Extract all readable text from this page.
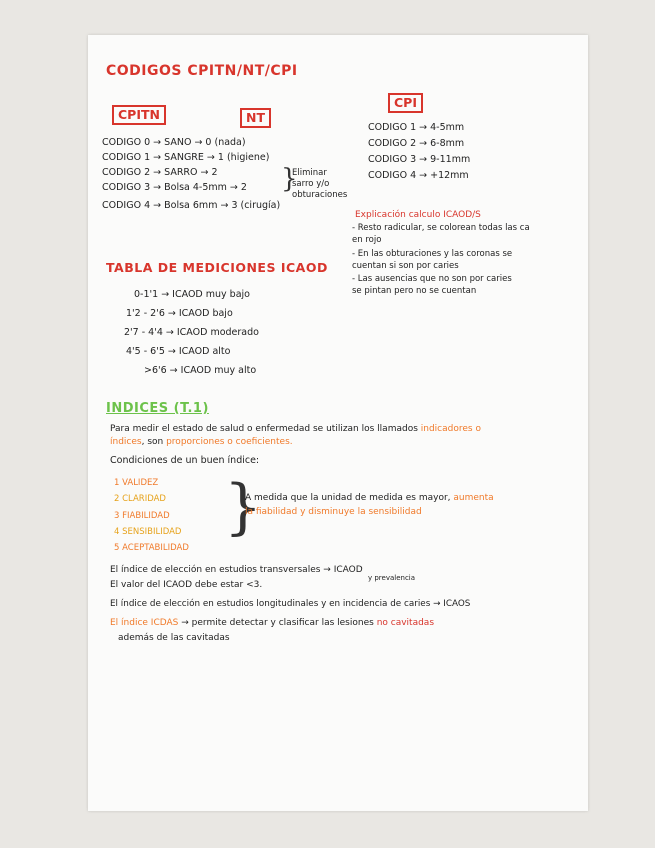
CODIGOS CPITN/NT/CPI
CPITN	NT
CPI
CODIGO 0 → SANO → 0 (nada)
CODIGO 1 → SANGRE → 1 (higiene)
CODIGO 2 → SARRO → 2
CODIGO 3 → Bolsa 4-5mm → 2
CODIGO 4 → Bolsa 6mm → 3 (cirugía)
}
Eliminar
sarro y/o
obturaciones
CODIGO 1 → 4-5mm
CODIGO 2 → 6-8mm
CODIGO 3 → 9-11mm
CODIGO 4 → +12mm
Explicación calculo ICAOD/S
- Resto radicular, se colorean todas las ca
en rojo
- En las obturaciones y las coronas se
cuentan si son por caries
- Las ausencias que no son por caries
se pintan pero no se cuentan
TABLA DE MEDICIONES ICAOD
0-1'1 → ICAOD muy bajo
1'2 - 2'6 → ICAOD bajo
2'7 - 4'4 → ICAOD moderado
4'5 - 6'5 → ICAOD alto
>6'6 → ICAOD muy alto
INDICES (T.1)
Para medir el estado de salud o enfermedad se utilizan los llamados indicadores o
índices, son proporciones o coeficientes.
Condiciones de un buen índice:
1 VALIDEZ
2 CLARIDAD
3 FIABILIDAD
4 SENSIBILIDAD
5 ACEPTABILIDAD
}
A medida que la unidad de medida es mayor, aumenta
la fiabilidad y disminuye la sensibilidad
El índice de elección en estudios transversales → ICAOD
y prevalencia
El valor del ICAOD debe estar <3.
El índice de elección en estudios longitudinales y en incidencia de caries → ICAOS
El índice ICDAS → permite detectar y clasificar las lesiones no cavitadas
además de las cavitadas
